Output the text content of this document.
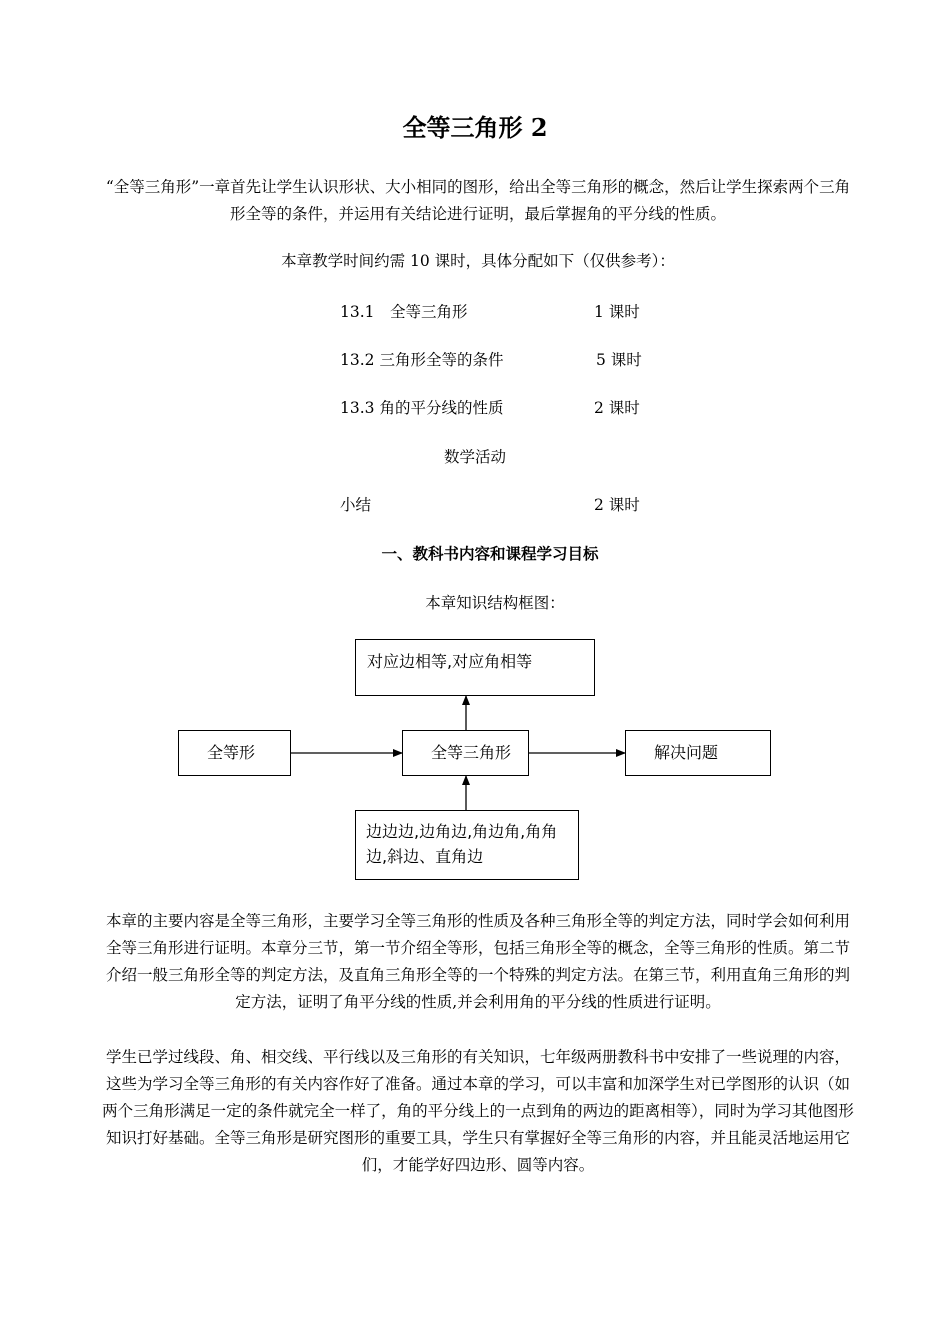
全等三角形 2
“全等三角形”一章首先让学生认识形状、大小相同的图形，给出全等三角形的概念，然后让学生探索两个三角形全等的条件，并运用有关结论进行证明，最后掌握角的平分线的性质。
本章教学时间约需 10 课时，具体分配如下（仅供参考）：
13.1　全等三角形	1 课时
13.2 三角形全等的条件	5 课时
13.3 角的平分线的性质	2 课时
数学活动
小结	2 课时
一、教科书内容和课程学习目标
本章知识结构框图：
对应边相等,对应角相等
全等形	全等三角形	解决问题
边边边,边角边,角边角,角角
边,斜边、直角边
本章的主要内容是全等三角形，主要学习全等三角形的性质及各种三角形全等的判定方法，同时学会如何利用全等三角形进行证明。本章分三节，第一节介绍全等形，包括三角形全等的概念，全等三角形的性质。第二节介绍一般三角形全等的判定方法，及直角三角形全等的一个特殊的判定方法。在第三节，利用直角三角形的判定方法，证明了角平分线的性质,并会利用角的平分线的性质进行证明。
学生已学过线段、角、相交线、平行线以及三角形的有关知识，七年级两册教科书中安排了一些说理的内容，这些为学习全等三角形的有关内容作好了准备。通过本章的学习，可以丰富和加深学生对已学图形的认识（如两个三角形满足一定的条件就完全一样了，角的平分线上的一点到角的两边的距离相等），同时为学习其他图形知识打好基础。全等三角形是研究图形的重要工具，学生只有掌握好全等三角形的内容，并且能灵活地运用它们，才能学好四边形、圆等内容。
